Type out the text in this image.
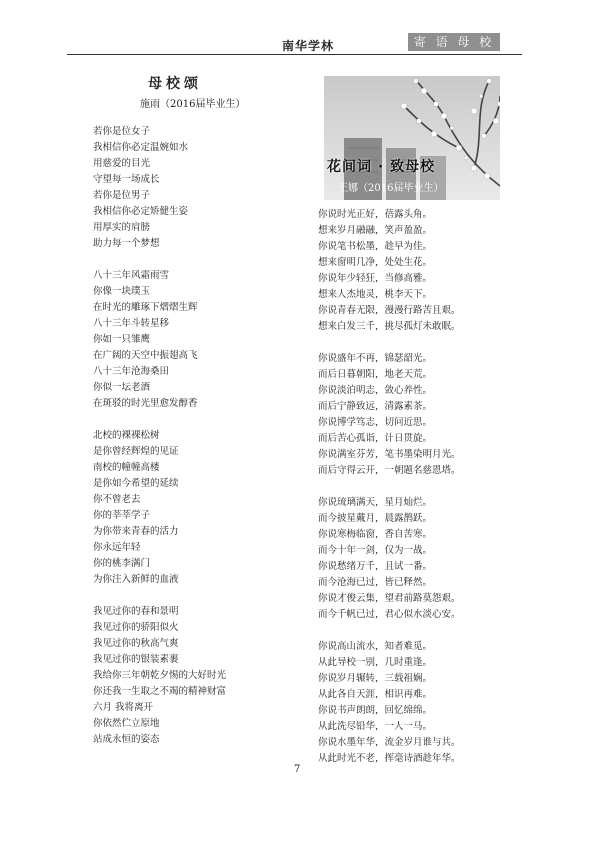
南华学林	寄 语 母 校
母校颂
施雨（2016届毕业生）
若你是位女子
我相信你必定温婉如水
用慈爱的目光
守望每一场成长
若你是位男子
我相信你必定矫健生姿
用厚实的肩膀
助力每一个梦想
八十三年风霜雨雪
你像一块璞玉
在时光的雕琢下熠熠生辉
八十三年斗转星移
你如一只雏鹰
在广阔的天空中振翅高飞
八十三年沧海桑田
你似一坛老酒
在斑驳的时光里愈发醇香
北校的裸裸松树
是你曾经辉煌的见证
南校的幢幢高楼
是你如今希望的延续
你不曾老去
你的莘莘学子
为你带来青春的活力
你永远年轻
你的桃李满门
为你注入新鲜的血液
我见过你的春和景明
我见过你的骄阳似火
我见过你的秋高气爽
我见过你的银装素裹
我给你三年朝乾夕惕的大好时光
你还我一生取之不竭的精神财富
六月 我将离开
你依然伫立原地
站成永恒的姿态
花间词 · 致母校
王娜（2016届毕业生）
你说时光正好，蓓露头角。
想来岁月融融，笑声盈盈。
你说笔书松墨，趁早为佳。
想来窗明几净，处处生花。
你说年少轻狂，当修高雅。
想来人杰地灵，桃李天下。
你说青春无限，漫漫行路苦且艰。
想来白发三千，挑尽孤灯未敢眠。
你说盛年不再，锦瑟韶光。
而后日暮朝阳，地老天荒。
你说淡泊明志，敛心养性。
而后宁静致远，清露素茶。
你说博学笃志，切问近思。
而后苦心孤诣，计日贯旋。
你说满室芬芳，笔书墨染明月光。
而后守得云开，一朝题名慈恩塔。
你说琉璃满天，星月灿烂。
而今披星戴月，晨露鹊跃。
你说寒梅临窗，香自苦寒。
而今十年一剑，仅为一战。
你说愁绪万千，且试一番。
而今沧海已过，皆已释然。
你说才俊云集，望君前路莫怨艰。
而今千帆已过，君心似水淡心安。
你说高山流水，知者难觅。
从此导校一别，几时重逢。
你说岁月辗转，三载祖娴。
从此各自天涯，相识再难。
你说书声朗朗，回忆绵绵。
从此洗尽铅华，一人一马。
你说水墨年华，流金岁月谁与共。
从此时光不老，挥毫诗酒趁年华。
7
